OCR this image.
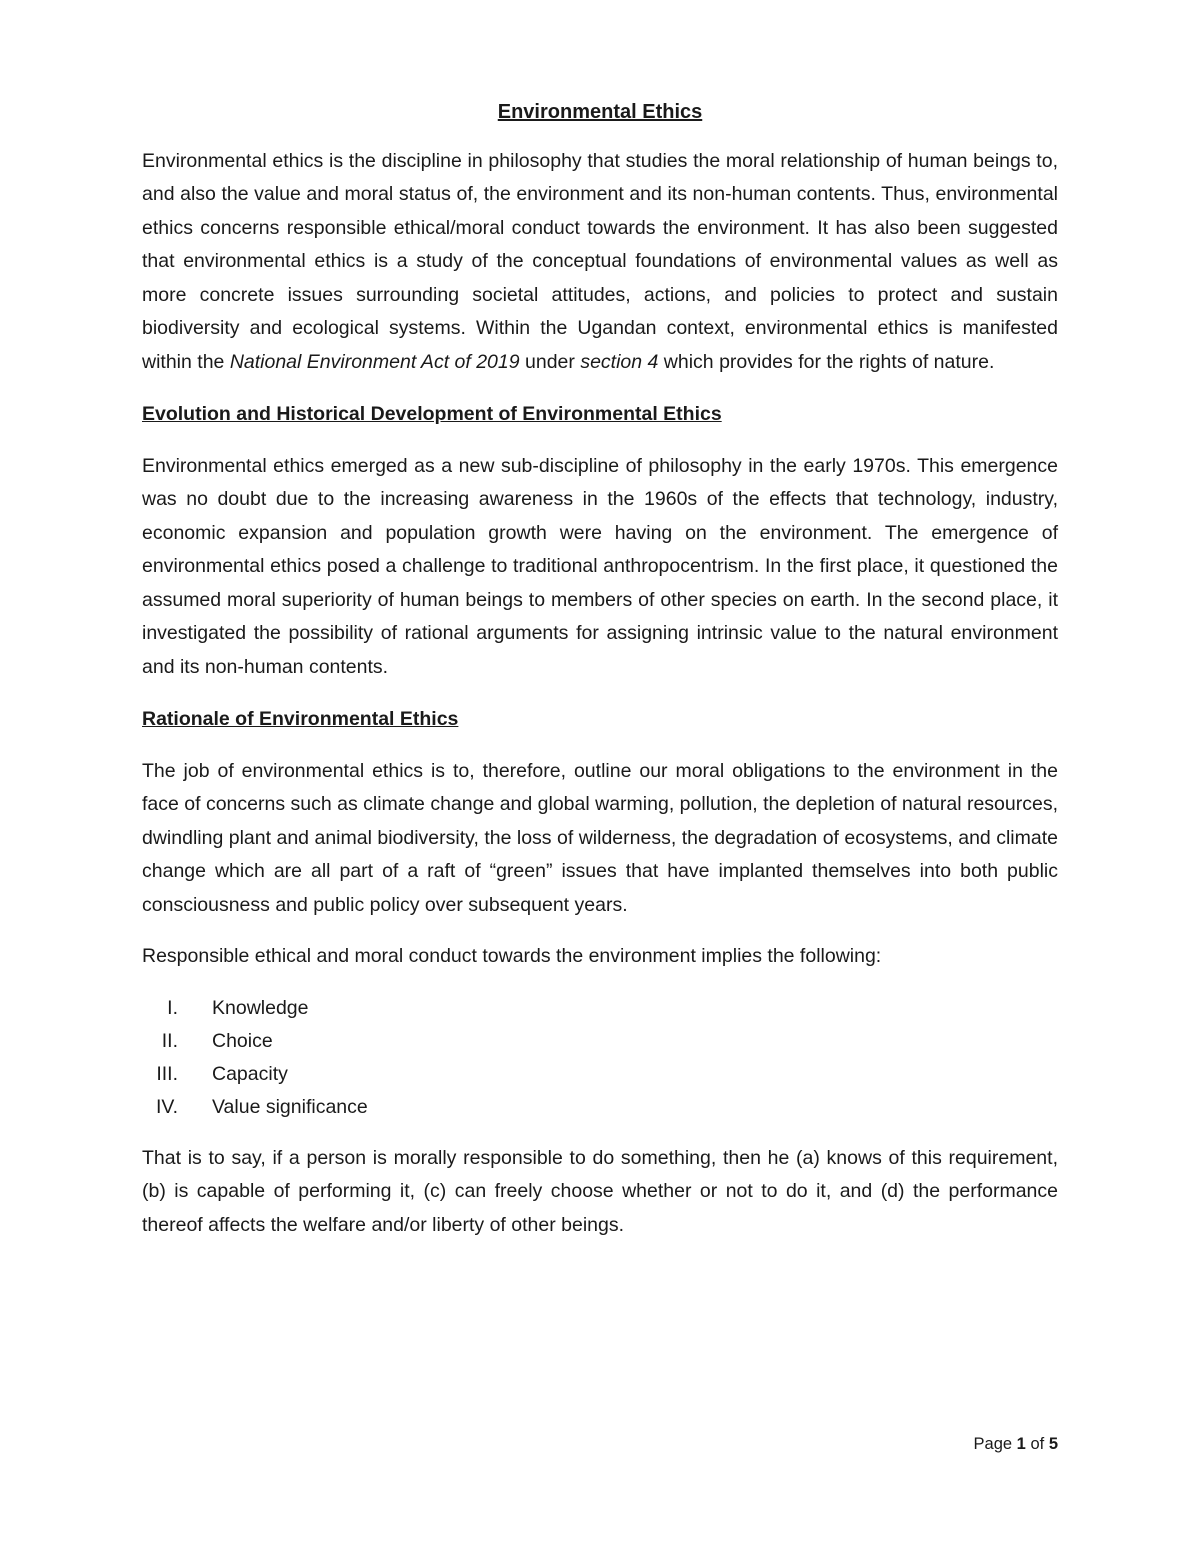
Environmental Ethics

Environmental ethics is the discipline in philosophy that studies the moral relationship of human beings to, and also the value and moral status of, the environment and its non-human contents. Thus, environmental ethics concerns responsible ethical/moral conduct towards the environment. It has also been suggested that environmental ethics is a study of the conceptual foundations of environmental values as well as more concrete issues surrounding societal attitudes, actions, and policies to protect and sustain biodiversity and ecological systems. Within the Ugandan context, environmental ethics is manifested within the National Environment Act of 2019 under section 4 which provides for the rights of nature.

Evolution and Historical Development of Environmental Ethics

Environmental ethics emerged as a new sub-discipline of philosophy in the early 1970s. This emergence was no doubt due to the increasing awareness in the 1960s of the effects that technology, industry, economic expansion and population growth were having on the environment. The emergence of environmental ethics posed a challenge to traditional anthropocentrism. In the first place, it questioned the assumed moral superiority of human beings to members of other species on earth. In the second place, it investigated the possibility of rational arguments for assigning intrinsic value to the natural environment and its non-human contents.

Rationale of Environmental Ethics

The job of environmental ethics is to, therefore, outline our moral obligations to the environment in the face of concerns such as climate change and global warming, pollution, the depletion of natural resources, dwindling plant and animal biodiversity, the loss of wilderness, the degradation of ecosystems, and climate change which are all part of a raft of “green” issues that have implanted themselves into both public consciousness and public policy over subsequent years.

Responsible ethical and moral conduct towards the environment implies the following:

I. Knowledge
II. Choice
III. Capacity
IV. Value significance

That is to say, if a person is morally responsible to do something, then he (a) knows of this requirement, (b) is capable of performing it, (c) can freely choose whether or not to do it, and (d) the performance thereof affects the welfare and/or liberty of other beings.

Page 1 of 5
